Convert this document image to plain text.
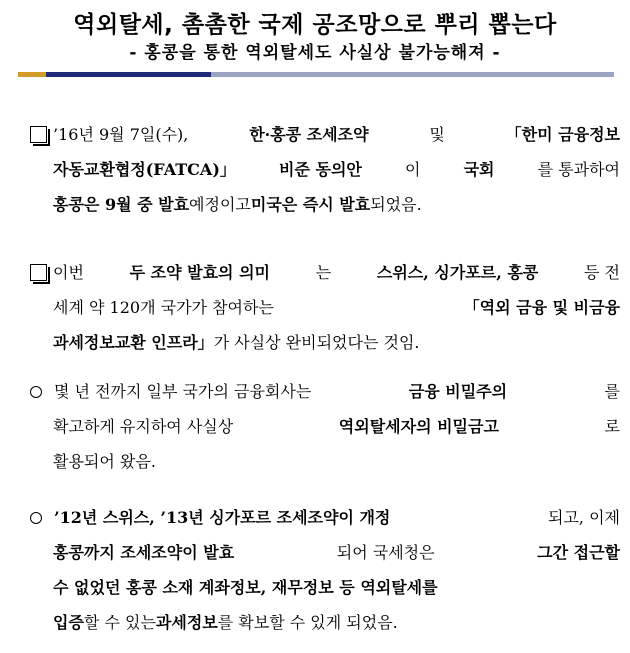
역외탈세, 촘촘한 국제 공조망으로 뿌리 뽑는다
- 홍콩을 통한 역외탈세도 사실상 불가능해져 -
’16년 9월 7일(수),	한·홍콩 조세조약	및	「한미 금융정보
자동교환협정(FATCA)」	비준 동의안	이	국회	를 통과하여
홍콩은 9월 중 발효 예정이고 미국은 즉시 발효 되었음.
이번	두 조약 발효의 의미	는	스위스, 싱가포르, 홍콩	등 전
세계 약 120개 국가가 참여하는	「역외 금융 및 비금융
과세정보교환 인프라」 가 사실상 완비되었다는 것임.
몇 년 전까지 일부 국가의 금융회사는	금융 비밀주의	를
확고하게 유지하여 사실상	역외탈세자의 비밀금고	로
활용되어 왔음.
’12년 스위스, ’13년 싱가포르 조세조약이 개정	되고, 이제
홍콩까지 조세조약이 발효	되어 국세청은	그간 접근할
수 없었던 홍콩 소재 계좌정보, 재무정보 등 역외탈세를
입증 할 수 있는 과세정보 를 확보할 수 있게 되었음.
